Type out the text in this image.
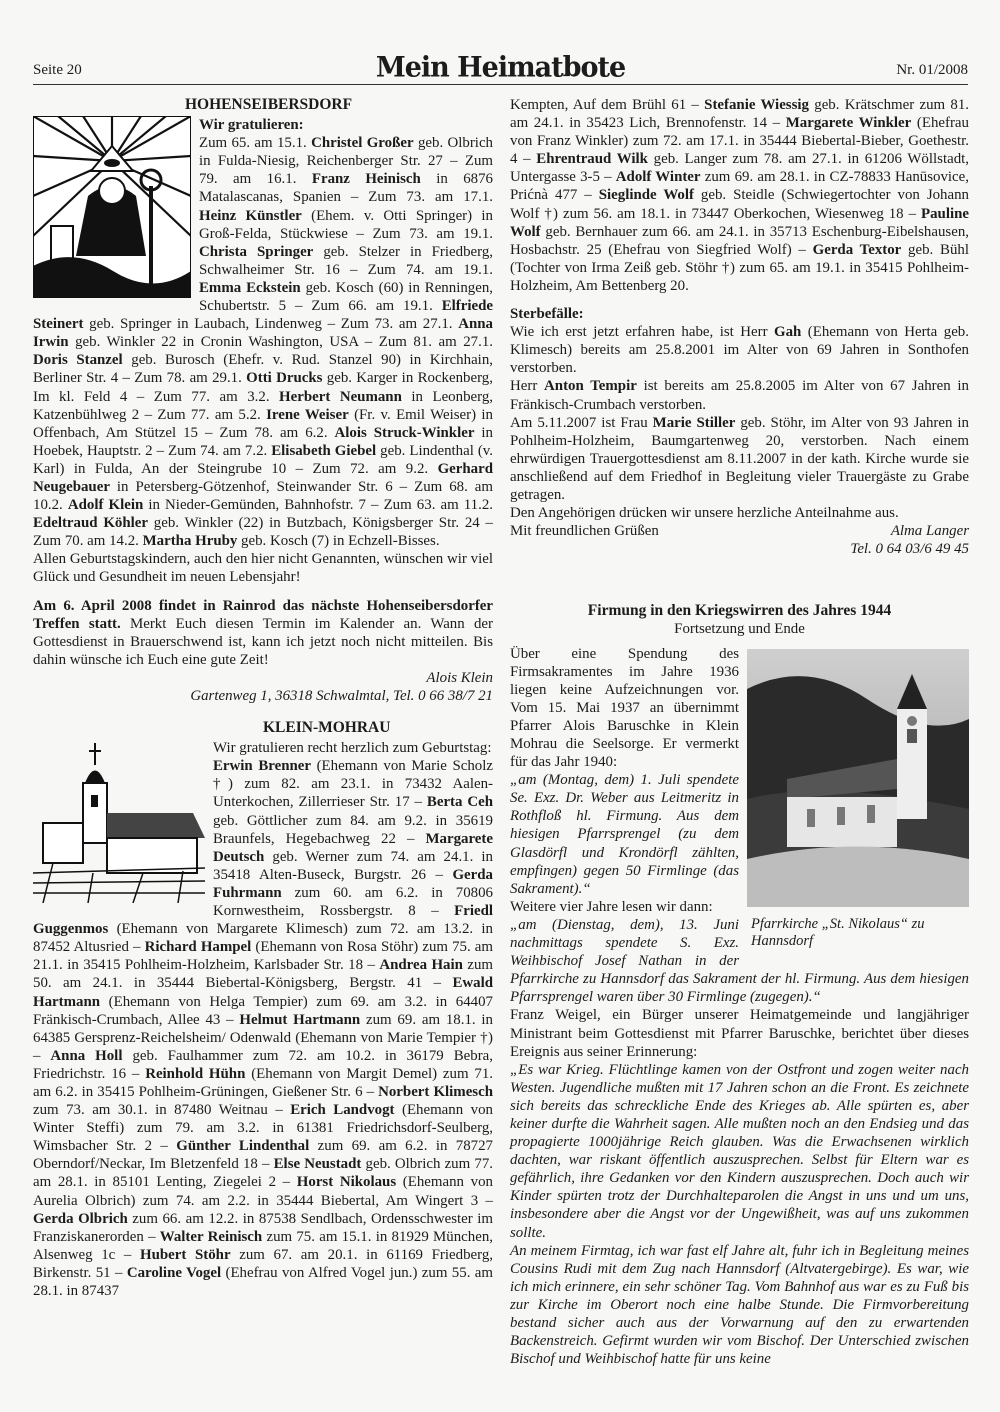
Seite 20	Mein Heimatbote	Nr. 01/2008
HOHENSEIBERSDORF

Wir gratulieren:

Zum 65. am 15.1. Christel Großer geb. Olbrich in Fulda-Niesig, Reichenberger Str. 27 – Zum 79. am 16.1. Franz Heinisch in 6876 Matalascanas, Spanien – Zum 73. am 17.1. Heinz Künstler (Ehem. v. Otti Springer) in Groß-Felda, Stückwiese – Zum 73. am 19.1. Christa Springer geb. Stelzer in Friedberg, Schwalheimer Str. 16 – Zum 74. am 19.1. Emma Eckstein geb. Kosch (60) in Renningen, Schubertstr. 5 – Zum 66. am 19.1. Elfriede Steinert geb. Springer in Laubach, Lindenweg – Zum 73. am 27.1. Anna Irwin geb. Winkler 22 in Cronin Washington, USA – Zum 81. am 27.1. Doris Stanzel geb. Burosch (Ehefr. v. Rud. Stanzel 90) in Kirchhain, Berliner Str. 4 – Zum 78. am 29.1. Otti Drucks geb. Karger in Rockenberg, Im kl. Feld 4 – Zum 77. am 3.2. Herbert Neumann in Leonberg, Katzenbühlweg 2 – Zum 77. am 5.2. Irene Weiser (Fr. v. Emil Weiser) in Offenbach, Am Stützel 15 – Zum 78. am 6.2. Alois Struck-Winkler in Hoebek, Hauptstr. 2 – Zum 74. am 7.2. Elisabeth Giebel geb. Lindenthal (v. Karl) in Fulda, An der Steingrube 10 – Zum 72. am 9.2. Gerhard Neugebauer in Petersberg-Götzenhof, Steinwander Str. 6 – Zum 68. am 10.2. Adolf Klein in Nieder-Gemünden, Bahnhofstr. 7 – Zum 63. am 11.2. Edeltraud Köhler geb. Winkler (22) in Butzbach, Königsberger Str. 24 – Zum 70. am 14.2. Martha Hruby geb. Kosch (7) in Echzell-Bisses.

Allen Geburtstagskindern, auch den hier nicht Genannten, wünschen wir viel Glück und Gesundheit im neuen Lebensjahr!

Am 6. April 2008 findet in Rainrod das nächste Hohenseibersdorfer Treffen statt. Merkt Euch diesen Termin im Kalender an. Wann der Gottesdienst in Brauerschwend ist, kann ich jetzt noch nicht mitteilen. Bis dahin wünsche ich Euch eine gute Zeit!

Alois Klein

Gartenweg 1, 36318 Schwalmtal, Tel. 0 66 38/7 21

KLEIN-MOHRAU

Wir gratulieren recht herzlich zum Geburtstag:

Erwin Brenner (Ehemann von Marie Scholz †) zum 82. am 23.1. in 73432 Aalen-Unterkochen, Zillerrieser Str. 17 – Berta Ceh geb. Göttlicher zum 84. am 9.2. in 35619 Braunfels, Hegebachweg 22 – Margarete Deutsch geb. Werner zum 74. am 24.1. in 35418 Alten-Buseck, Burgstr. 26 – Gerda Fuhrmann zum 60. am 6.2. in 70806 Kornwestheim, Rossbergstr. 8 – Friedl Guggenmos (Ehemann von Margarete Klimesch) zum 72. am 13.2. in 87452 Altusried – Richard Hampel (Ehemann von Rosa Stöhr) zum 75. am 21.1. in 35415 Pohlheim-Holzheim, Karlsbader Str. 18 – Andrea Hain zum 50. am 24.1. in 35444 Biebertal-Königsberg, Bergstr. 41 – Ewald Hartmann (Ehemann von Helga Tempier) zum 69. am 3.2. in 64407 Fränkisch-Crumbach, Allee 43 – Helmut Hartmann zum 69. am 18.1. in 64385 Gersprenz-Reichelsheim/ Odenwald (Ehemann von Marie Tempier †) – Anna Holl geb. Faulhammer zum 72. am 10.2. in 36179 Bebra, Friedrichstr. 16 – Reinhold Hühn (Ehemann von Margit Demel) zum 71. am 6.2. in 35415 Pohlheim-Grüningen, Gießener Str. 6 – Norbert Klimesch zum 73. am 30.1. in 87480 Weitnau – Erich Landvogt (Ehemann von Winter Steffi) zum 79. am 3.2. in 61381 Friedrichsdorf-Seulberg, Wimsbacher Str. 2 – Günther Lindenthal zum 69. am 6.2. in 78727 Oberndorf/Neckar, Im Bletzenfeld 18 – Else Neustadt geb. Olbrich zum 77. am 28.1. in 85101 Lenting, Ziegelei 2 – Horst Nikolaus (Ehemann von Aurelia Olbrich) zum 74. am 2.2. in 35444 Biebertal, Am Wingert 3 – Gerda Olbrich zum 66. am 12.2. in 87538 Sendlbach, Ordensschwester im Franziskanerorden – Walter Reinisch zum 75. am 15.1. in 81929 München, Alsenweg 1c – Hubert Stöhr zum 67. am 20.1. in 61169 Friedberg, Birkenstr. 51 – Caroline Vogel (Ehefrau von Alfred Vogel jun.) zum 55. am 28.1. in 87437

Kempten, Auf dem Brühl 61 – Stefanie Wiessig geb. Krätschmer zum 81. am 24.1. in 35423 Lich, Brennofenstr. 14 – Margarete Winkler (Ehefrau von Franz Winkler) zum 72. am 17.1. in 35444 Biebertal-Bieber, Goethestr. 4 – Ehrentraud Wilk geb. Langer zum 78. am 27.1. in 61206 Wöllstadt, Untergasse 3-5 – Adolf Winter zum 69. am 28.1. in CZ-78833 Hanūsovice, Prićnà 477 – Sieglinde Wolf geb. Steidle (Schwiegertochter von Johann Wolf †) zum 56. am 18.1. in 73447 Oberkochen, Wiesenweg 18 – Pauline Wolf geb. Bernhauer zum 66. am 24.1. in 35713 Eschenburg-Eibelshausen, Hosbachstr. 25 (Ehefrau von Siegfried Wolf) – Gerda Textor geb. Bühl (Tochter von Irma Zeiß geb. Stöhr †) zum 65. am 19.1. in 35415 Pohlheim-Holzheim, Am Bettenberg 20.

Sterbefälle:

Wie ich erst jetzt erfahren habe, ist Herr Gah (Ehemann von Herta geb. Klimesch) bereits am 25.8.2001 im Alter von 69 Jahren in Sonthofen verstorben.

Herr Anton Tempir ist bereits am 25.8.2005 im Alter von 67 Jahren in Fränkisch-Crumbach verstorben.

Am 5.11.2007 ist Frau Marie Stiller geb. Stöhr, im Alter von 93 Jahren in Pohlheim-Holzheim, Baumgartenweg 20, verstorben. Nach einem ehrwürdigen Trauergottesdienst am 8.11.2007 in der kath. Kirche wurde sie anschließend auf dem Friedhof in Begleitung vieler Trauergäste zu Grabe getragen.

Den Angehörigen drücken wir unsere herzliche Anteilnahme aus.

Mit freundlichen Grüßen	Alma Langer

Tel. 0 64 03/6 49 45

Firmung in den Kriegswirren des Jahres 1944

Fortsetzung und Ende

Pfarrkirche „St. Nikolaus“ zu Hannsdorf

Über eine Spendung des Firmsakramentes im Jahre 1936 liegen keine Aufzeichnungen vor. Vom 15. Mai 1937 an übernimmt Pfarrer Alois Baruschke in Klein Mohrau die Seelsorge. Er vermerkt für das Jahr 1940:

„am (Montag, dem) 1. Juli spendete Se. Exz. Dr. Weber aus Leitmeritz in Rothfloß hl. Firmung. Aus dem hiesigen Pfarrsprengel (zu dem Glasdörfl und Krondörfl zählten, empfingen) gegen 50 Firmlinge (das Sakrament).“

Weitere vier Jahre lesen wir dann:

„am (Dienstag, dem), 13. Juni nachmittags spendete S. Exz. Weihbischof Josef Nathan in der Pfarrkirche zu Hannsdorf das Sakrament der hl. Firmung. Aus dem hiesigen Pfarrsprengel waren über 30 Firmlinge (zugegen).“

Franz Weigel, ein Bürger unserer Heimatgemeinde und langjähriger Ministrant beim Gottesdienst mit Pfarrer Baruschke, berichtet über dieses Ereignis aus seiner Erinnerung:

„Es war Krieg. Flüchtlinge kamen von der Ostfront und zogen weiter nach Westen. Jugendliche mußten mit 17 Jahren schon an die Front. Es zeichnete sich bereits das schreckliche Ende des Krieges ab. Alle spürten es, aber keiner durfte die Wahrheit sagen. Alle mußten noch an den Endsieg und das propagierte 1000jährige Reich glauben. Was die Erwachsenen wirklich dachten, war riskant öffentlich auszusprechen. Selbst für Eltern war es gefährlich, ihre Gedanken vor den Kindern auszusprechen. Doch auch wir Kinder spürten trotz der Durchhalteparolen die Angst in uns und um uns, insbesondere aber die Angst vor der Ungewißheit, was auf uns zukommen sollte.

An meinem Firmtag, ich war fast elf Jahre alt, fuhr ich in Begleitung meines Cousins Rudi mit dem Zug nach Hannsdorf (Altvatergebirge). Es war, wie ich mich erinnere, ein sehr schöner Tag. Vom Bahnhof aus war es zu Fuß bis zur Kirche im Oberort noch eine halbe Stunde. Die Firmvorbereitung bestand sicher auch aus der Vorwarnung auf den zu erwartenden Backenstreich. Gefirmt wurden wir vom Bischof. Der Unterschied zwischen Bischof und Weihbischof hatte für uns keine
